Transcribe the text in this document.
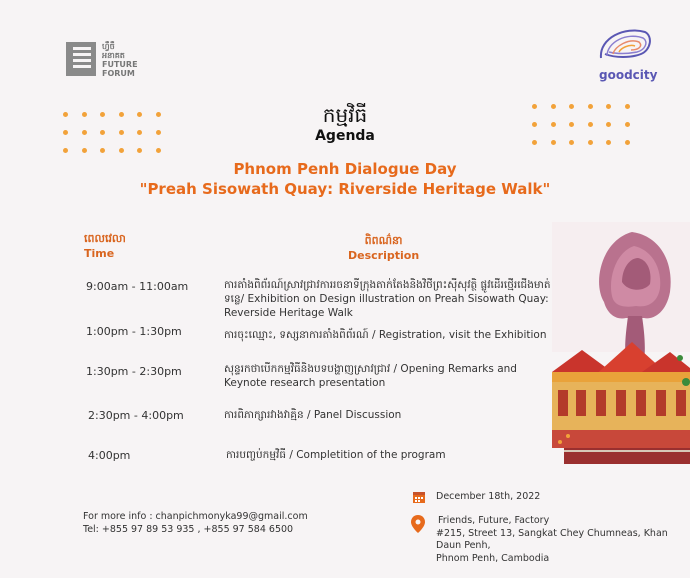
ហ្វឺចឺ
អនាគត
FUTURE
FORUM	goodcity
កម្មវិធី
Agenda
Phnom Penh Dialogue Day
"Preah Sisowath Quay: Riverside Heritage Walk"
ពេលវេលា
Time
ពិពណ៌នា
Description
9:00am - 11:00am	ការតាំងពិព័រណ៍ស្រាវជ្រាវការរចនាទីក្រុងតាក់តែងនិងវិថីព្រះស៊ីសុវត្ថិ ផ្លូវដើរថ្មើរជើងមាត់ទន្លេ/ Exhibition on Design illustration on Preah Sisowath Quay: Reverside Heritage Walk
1:00pm - 1:30pm	ការចុះឈ្មោះ, ទស្សនាការតាំងពិព័រណ៍ / Registration, visit the Exhibition
1:30pm - 2:30pm	សុន្ទរកថាបើកកម្មវិធីនិងបទបង្ហាញស្រាវជ្រាវ / Opening Remarks and Keynote research presentation
2:30pm - 4:00pm	ការពិភាក្សារវាងវាគ្មិន / Panel Discussion
4:00pm	ការបញ្ចប់កម្មវិធី / Completition of the program
For more info : chanpichmonyka99@gmail.com
Tel: +855 97 89 53 935 , +855 97 584 6500
December 18th, 2022
Friends, Future, Factory
#215, Street 13, Sangkat Chey Chumneas, Khan
Daun Penh,
Phnom Penh, Cambodia
